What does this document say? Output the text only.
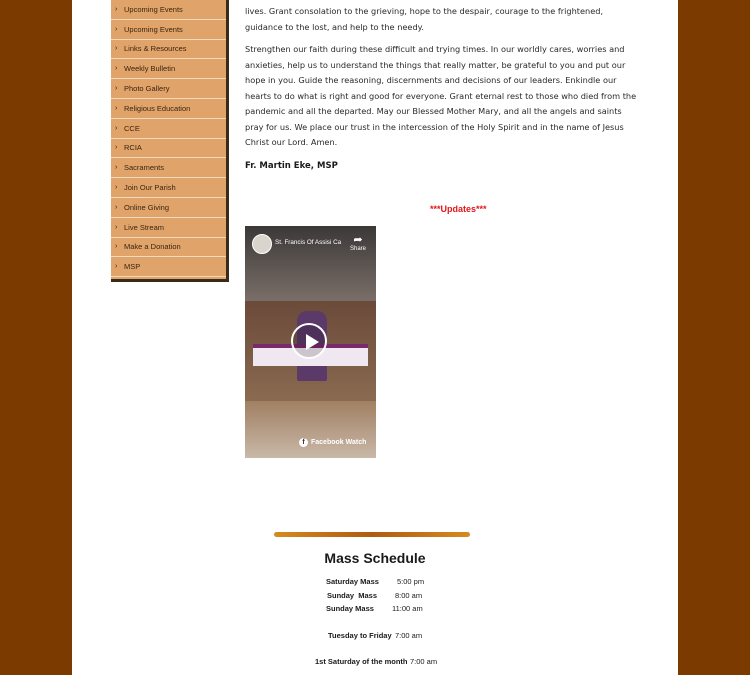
› Upcoming Events
› Upcoming Events
› Links & Resources
› Weekly Bulletin
› Photo Gallery
› Religious Education
› CCE
› RCIA
› Sacraments
› Join Our Parish
› Online Giving
› Live Stream
› Make a Donation
› MSP

lives. Grant consolation to the grieving, hope to the despair, courage to the frightened, guidance to the lost, and help to the needy.

Strengthen our faith during these difficult and trying times. In our worldly cares, worries and anxieties, help us to understand the things that really matter, be grateful to you and put our hope in you. Guide the reasoning, discernments and decisions of our leaders. Enkindle our hearts to do what is right and good for everyone. Grant eternal rest to those who died from the pandemic and all the departed. May our Blessed Mother Mary, and all the angels and saints pray for us. We place our trust in the intercession of the Holy Spirit and in the name of Jesus Christ our Lord. Amen.

Fr. Martin Eke, MSP
***Updates***
St. Francis Of Assisi Ca	➦
Share
f Facebook Watch
Mass Schedule
Saturday Mass 5:00 pm
Sunday  Mass 8:00 am
Sunday Mass 11:00 am
Tuesday to Friday 7:00 am
1st Saturday of the month 7:00 am
